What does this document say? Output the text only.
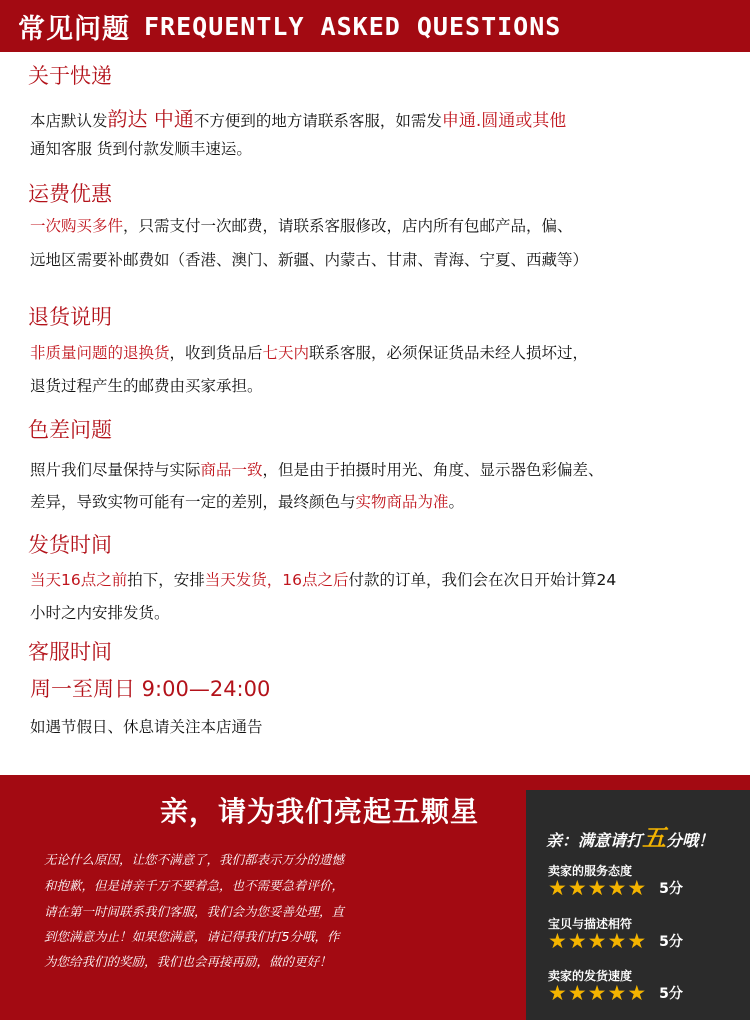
常见问题 FREQUENTLY ASKED QUESTIONS
关于快递
本店默认发韵达 中通不方便到的地方请联系客服，如需发申通.圆通或其他
通知客服 货到付款发顺丰速运。
运费优惠
一次购买多件，只需支付一次邮费，请联系客服修改，店内所有包邮产品，偏、
远地区需要补邮费如（香港、澳门、新疆、内蒙古、甘肃、青海、宁夏、西藏等）
退货说明
非质量问题的退换货，收到货品后七天内联系客服，必须保证货品未经人损坏过，
退货过程产生的邮费由买家承担。
色差问题
照片我们尽量保持与实际商品一致，但是由于拍摄时用光、角度、显示器色彩偏差、
差异，导致实物可能有一定的差别，最终颜色与实物商品为准。
发货时间
当天16点之前拍下，安排当天发货，16点之后付款的订单，我们会在次日开始计算24
小时之内安排发货。
客服时间
周一至周日 9:00—24:00
如遇节假日、休息请关注本店通告
亲，请为我们亮起五颗星
无论什么原因，让您不满意了，我们都表示万分的遗憾
和抱歉，但是请亲千万不要着急，也不需要急着评价，
请在第一时间联系我们客服，我们会为您妥善处理，直
到您满意为止！如果您满意，请记得我们打5分哦，作
为您给我们的奖励，我们也会再接再励，做的更好！
亲：满意请打五分哦！
卖家的服务态度
★ ★ ★ ★ ★ 5分
宝贝与描述相符
★ ★ ★ ★ ★ 5分
卖家的发货速度
★ ★ ★ ★ ★ 5分
